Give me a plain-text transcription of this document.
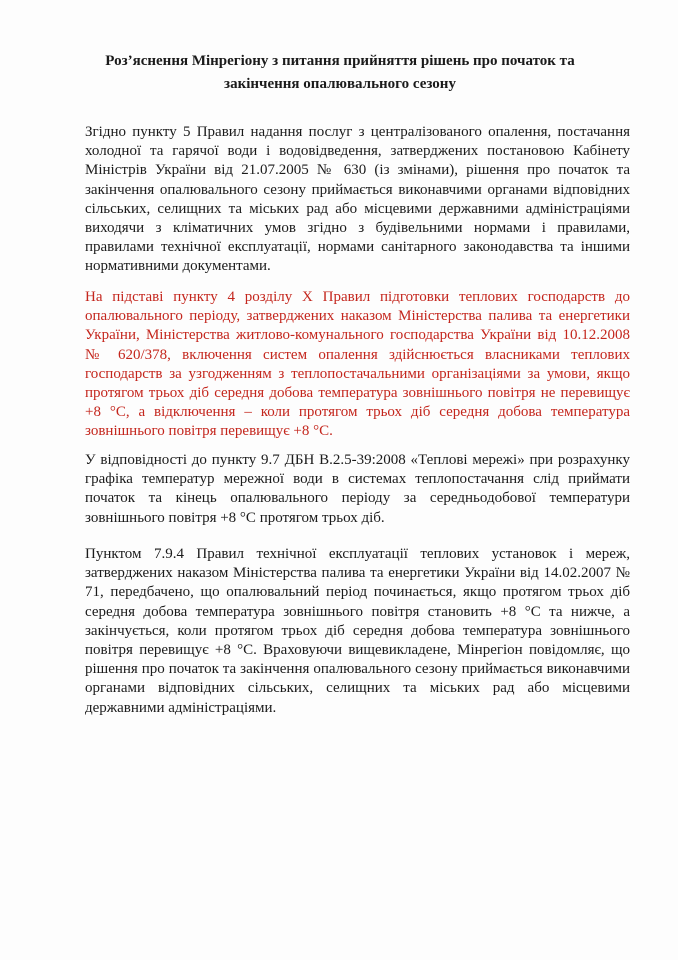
Роз’яснення Мінрегіону з питання прийняття рішень про початок та закінчення опалювального сезону

Згідно пункту 5 Правил надання послуг з централізованого опалення, постачання холодної та гарячої води і водовідведення, затверджених постановою Кабінету Міністрів України від 21.07.2005 № 630 (із змінами), рішення про початок та закінчення опалювального сезону приймається виконавчими органами відповідних сільських, селищних та міських рад або місцевими державними адміністраціями виходячи з кліматичних умов згідно з будівельними нормами і правилами, правилами технічної експлуатації, нормами санітарного законодавства та іншими нормативними документами.

На підставі пункту 4 розділу X Правил підготовки теплових господарств до опалювального періоду, затверджених наказом Міністерства палива та енергетики України, Міністерства житлово-комунального господарства України від 10.12.2008 № 620/378, включення систем опалення здійснюється власниками теплових господарств за узгодженням з теплопостачальними організаціями за умови, якщо протягом трьох діб середня добова температура зовнішнього повітря не перевищує +8 °С, а відключення – коли протягом трьох діб середня добова температура зовнішнього повітря перевищує +8 °С.

У відповідності до пункту 9.7 ДБН В.2.5-39:2008 «Теплові мережі» при розрахунку графіка температур мережної води в системах теплопостачання слід приймати початок та кінець опалювального періоду за середньодобової температури зовнішнього повітря +8 °С протягом трьох діб.

Пунктом 7.9.4 Правил технічної експлуатації теплових установок і мереж, затверджених наказом Міністерства палива та енергетики України від 14.02.2007 № 71, передбачено, що опалювальний період починається, якщо протягом трьох діб середня добова температура зовнішнього повітря становить +8 °С та нижче, а закінчується, коли протягом трьох діб середня добова температура зовнішнього повітря перевищує +8 °С. Враховуючи вищевикладене, Мінрегіон повідомляє, що рішення про початок та закінчення опалювального сезону приймається виконавчими органами відповідних сільських, селищних та міських рад або місцевими державними адміністраціями.
